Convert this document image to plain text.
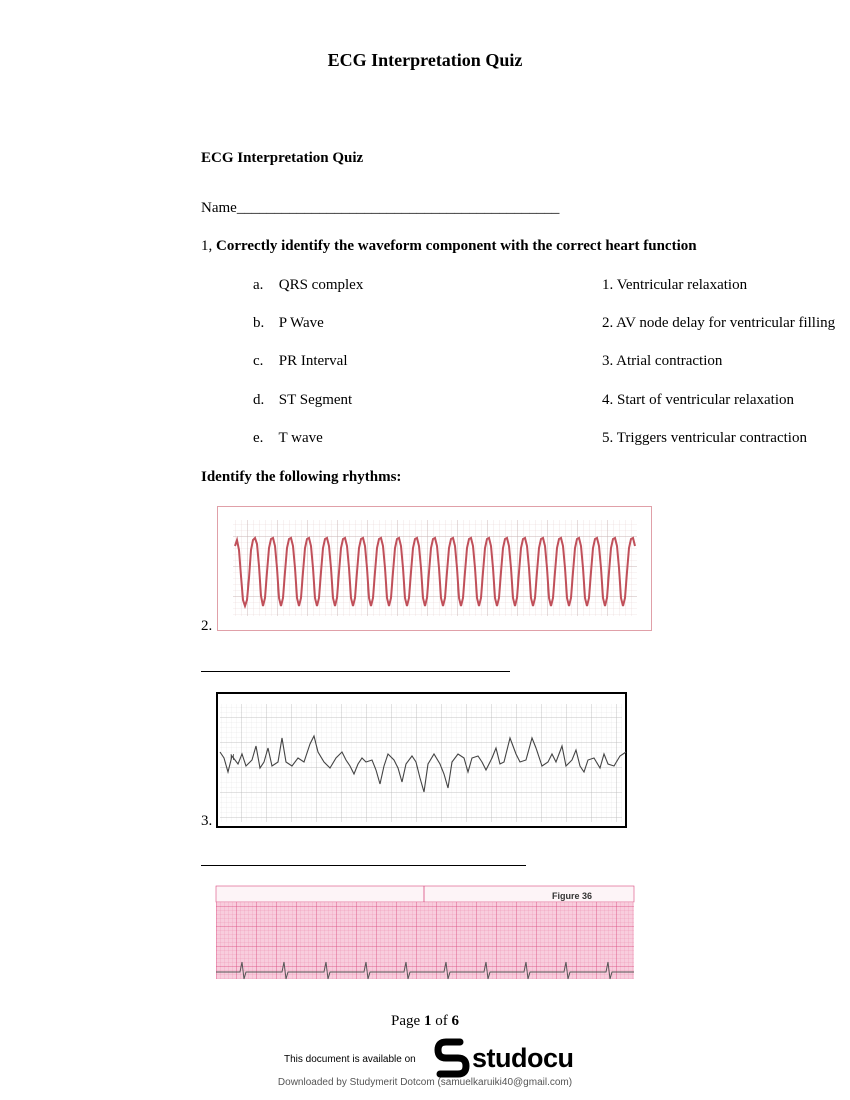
ECG Interpretation Quiz
ECG Interpretation Quiz
Name___________________________________________
1, Correctly identify the waveform component with the correct heart function
a. QRS complex
b. P Wave
c. PR Interval
d. ST Segment
e. T wave
1. Ventricular relaxation
2. AV node delay for ventricular filling
3. Atrial contraction
4. Start of ventricular relaxation
5. Triggers ventricular contraction
Identify the following rhythms:
2.
3.
II
Figure 36
Page 1 of 6
This document is available on studocu
Downloaded by Studymerit Dotcom (samuelkaruiki40@gmail.com)
